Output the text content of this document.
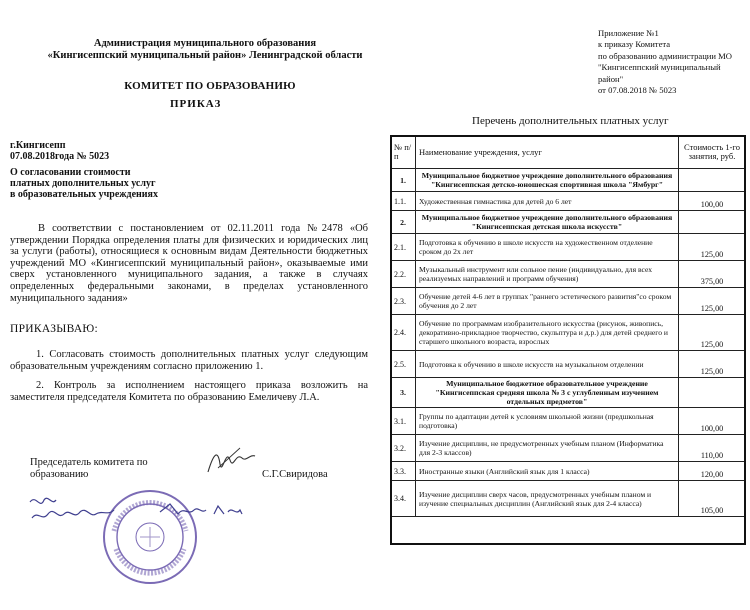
Администрация муниципального образования
«Кингисеппский муниципальный район» Ленинградской области
КОМИТЕТ ПО ОБРАЗОВАНИЮ
ПРИКАЗ
г.Кингисепп
07.08.2018года № 5023
О согласовании стоимости
платных дополнительных услуг
в образовательных учреждениях
В соответствии с постановлением от 02.11.2011 года №2478 «Об утверждении Порядка определения платы для физических и юридических лиц за услуги (работы), относящиеся к основным видам Деятельности бюджетных учреждений МО «Кингисеппский муниципальный район», оказываемые ими сверх установленного муниципального задания, а также в случаях определенных федеральными законами, в пределах установленного муниципального задания»
ПРИКАЗЫВАЮ:
1. Согласовать стоимость дополнительных платных услуг следующим образовательным учреждениям согласно приложению 1.
2. Контроль за исполнением настоящего приказа возложить на заместителя председателя Комитета по образованию Емеличеву Л.А.
Председатель комитета по
образованию	С.Г.Свиридова
Приложение №1
к приказу Комитета
по образованию администрации МО
"Кингисеппский муниципальный район"
от 07.08.2018 № 5023
Перечень дополнительных платных услуг
№ п/п	Наименование учреждения, услуг	Стоимость 1-го занятия, руб.
1.	Муниципальное бюджетное учреждение дополнительного образования "Кингисеппская детско-юношеская спортивная школа "Ямбург"	
1.1.	Художественная гимнастика для детей до 6 лет	100,00
2.	Муниципальное бюджетное учреждение дополнительного образования "Кингисеппская детская школа искусств"	
2.1.	Подготовка к обучению в школе искусств на художественном отделение сроком до 2х лет	125,00
2.2.	Музыкальный инструмент или сольное пение (индивидуально, для всех реализуемых направлений и программ обучения)	375,00
2.3.	Обучение детей 4-6 лет в группах "раннего эстетического развития"со сроком обучения до 2 лет	125,00
2.4.	Обучение по программам изобразительного искусства (рисунок, живопись, декоративно-прикладное творчество, скульптура и д.р.) для детей среднего и старшего школьного возраста, взрослых	125,00
2.5.	Подготовка к обучению в школе искусств на музыкальном отделении	125,00
3.	Муниципальное бюджетное образовательное учреждение "Кингисеппская средняя школа № 3 с углубленным изучением отдельных предметов"	
3.1.	Группы по адаптации детей к условиям школьной жизни (предшкольная подготовка)	100,00
3.2.	Изучение дисциплин, не предусмотренных учебным планом (Информатика для 2-3 классов)	110,00
3.3.	Иностранные языки (Английский язык для 1 класса)	120,00
3.4.	Изучение дисциплин сверх часов, предусмотренных учебным планом и изучение специальных дисциплин (Английский язык для 2-4 класса)	105,00
